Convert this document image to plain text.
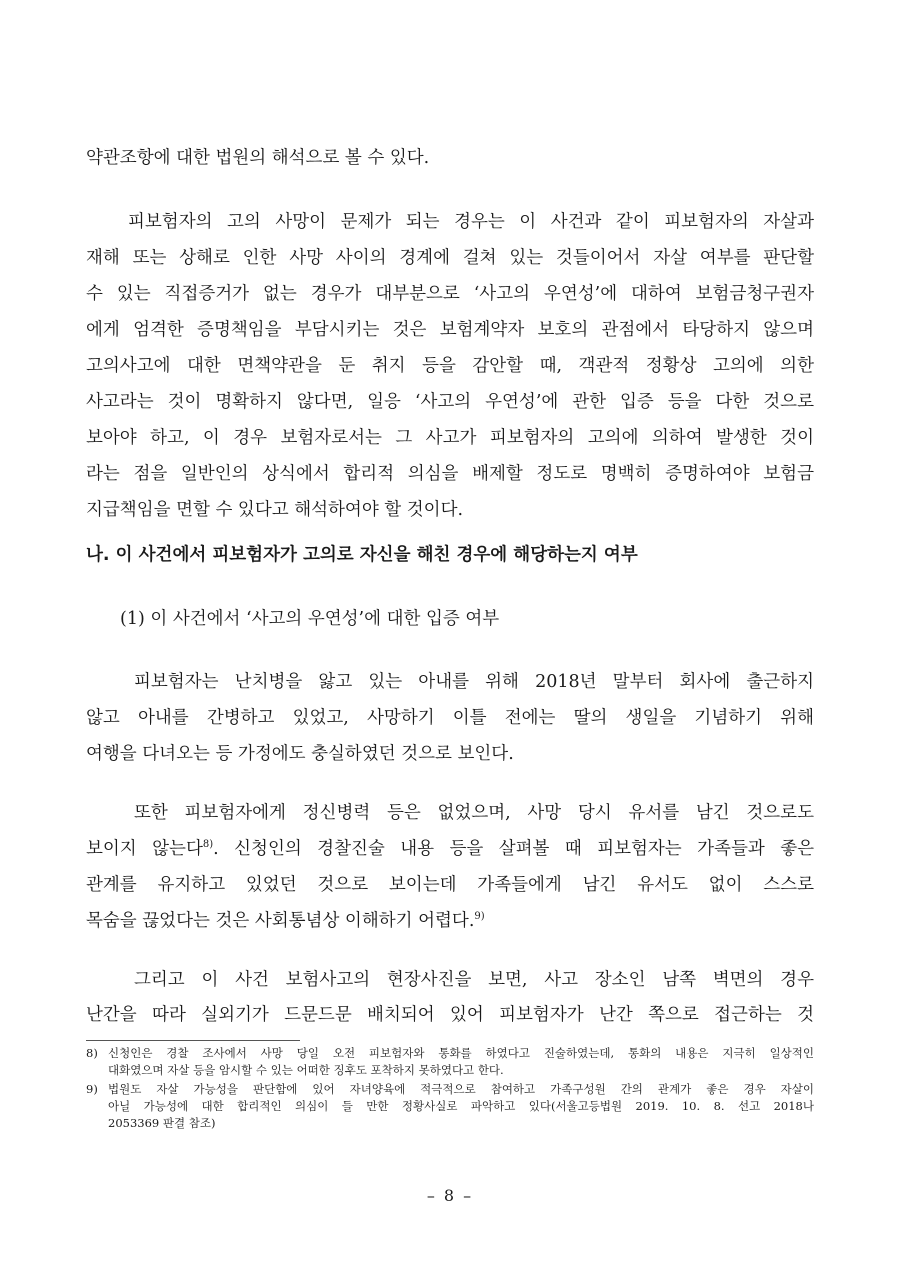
약관조항에 대한 법원의 해석으로 볼 수 있다.
피보험자의 고의 사망이 문제가 되는 경우는 이 사건과 같이 피보험자의 자살과
재해 또는 상해로 인한 사망 사이의 경계에 걸쳐 있는 것들이어서 자살 여부를 판단할
수 있는 직접증거가 없는 경우가 대부분으로 ‘사고의 우연성’에 대하여 보험금청구권자
에게 엄격한 증명책임을 부담시키는 것은 보험계약자 보호의 관점에서 타당하지 않으며
고의사고에 대한 면책약관을 둔 취지 등을 감안할 때, 객관적 정황상 고의에 의한
사고라는 것이 명확하지 않다면, 일응 ‘사고의 우연성’에 관한 입증 등을 다한 것으로
보아야 하고, 이 경우 보험자로서는 그 사고가 피보험자의 고의에 의하여 발생한 것이
라는 점을 일반인의 상식에서 합리적 의심을 배제할 정도로 명백히 증명하여야 보험금
지급책임을 면할 수 있다고 해석하여야 할 것이다.
나. 이 사건에서 피보험자가 고의로 자신을 해친 경우에 해당하는지 여부
(1) 이 사건에서 ‘사고의 우연성’에 대한 입증 여부
피보험자는 난치병을 앓고 있는 아내를 위해 2018년 말부터 회사에 출근하지
않고 아내를 간병하고 있었고, 사망하기 이틀 전에는 딸의 생일을 기념하기 위해
여행을 다녀오는 등 가정에도 충실하였던 것으로 보인다.
또한 피보험자에게 정신병력 등은 없었으며, 사망 당시 유서를 남긴 것으로도
보이지 않는다$^{8)}$. 신청인의 경찰진술 내용 등을 살펴볼 때 피보험자는 가족들과 좋은
관계를 유지하고 있었던 것으로 보이는데 가족들에게 남긴 유서도 없이 스스로
목숨을 끊었다는 것은 사회통념상 이해하기 어렵다.$^{9)}$
그리고 이 사건 보험사고의 현장사진을 보면, 사고 장소인 남쪽 벽면의 경우
난간을 따라 실외기가 드문드문 배치되어 있어 피보험자가 난간 쪽으로 접근하는 것
8) 신청인은 경찰 조사에서 사망 당일 오전 피보험자와 통화를 하였다고 진술하였는데, 통화의 내용은 지극히 일상적인
대화였으며 자살 등을 암시할 수 있는 어떠한 징후도 포착하지 못하였다고 한다.
9) 법원도 자살 가능성을 판단함에 있어 자녀양육에 적극적으로 참여하고 가족구성원 간의 관계가 좋은 경우 자살이
아닐 가능성에 대한 합리적인 의심이 들 만한 정황사실로 파악하고 있다(서울고등법원 2019. 10. 8. 선고 2018나
2053369 판결 참조)
– 8 –
